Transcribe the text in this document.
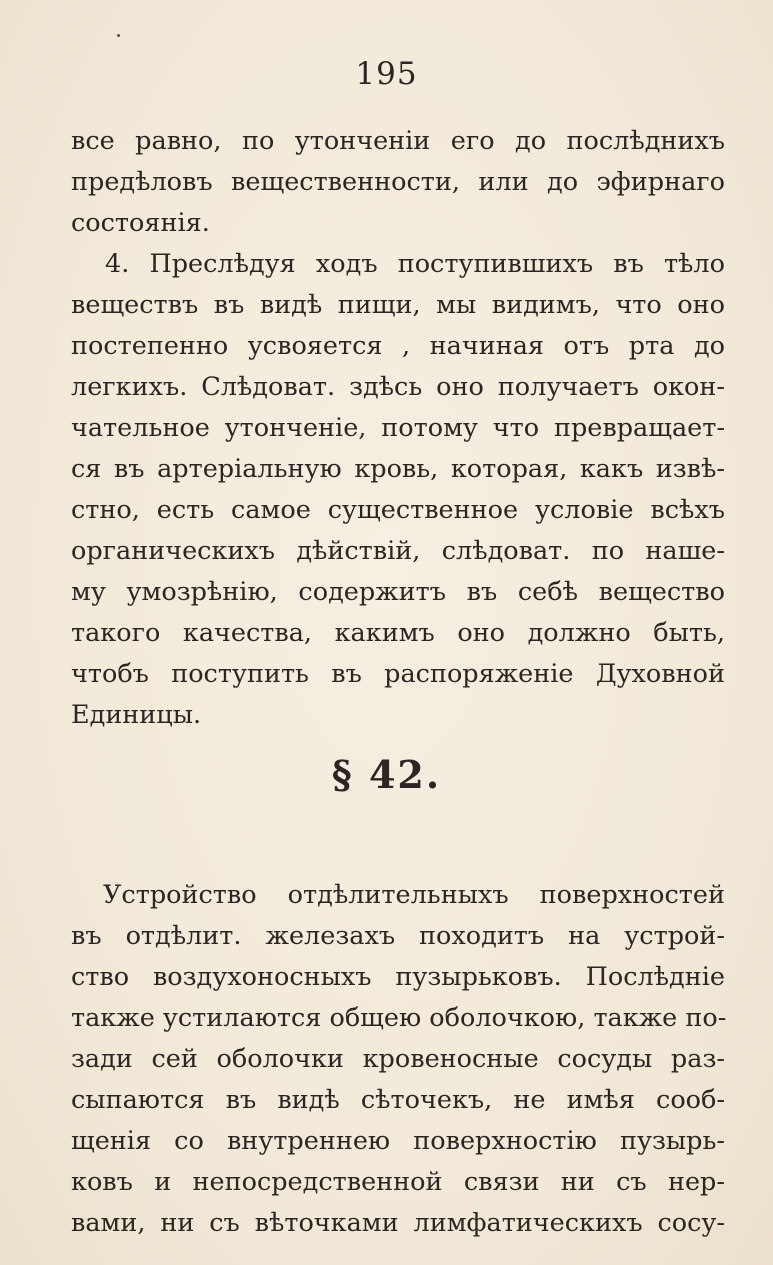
195
все равно, по утонченіи его до послѣднихъ
предѣловъ вещественности, или до эфирнаго
состоянія.
4. Преслѣдуя ходъ поступившихъ въ тѣло
веществъ въ видѣ пищи, мы видимъ, что оно
постепенно усвояется , начиная отъ рта до
легкихъ. Слѣдоват. здѣсь оно получаетъ окон-
чательное утонченіе, потому что превращает-
ся въ артеріальную кровь, которая, какъ извѣ-
стно, есть самое существенное условіе всѣхъ
органическихъ дѣйствій, слѣдоват. по наше-
му умозрѣнію, содержитъ въ себѣ вещество
такого качества, какимъ оно должно быть,
чтобъ поступить въ распоряженіе Духовной
Единицы.
§ 42.
Устройство отдѣлительныхъ поверхностей
въ отдѣлит. железахъ походитъ на устрой-
ство воздухоносныхъ пузырьковъ. Послѣдніе
также устилаются общею оболочкою, также по-
зади сей оболочки кровеносные сосуды раз-
сыпаются въ видѣ сѣточекъ, не имѣя сооб-
щенія со внутреннею поверхностію пузырь-
ковъ и непосредственной связи ни съ нер-
вами, ни съ вѣточками лимфатическихъ сосу-
